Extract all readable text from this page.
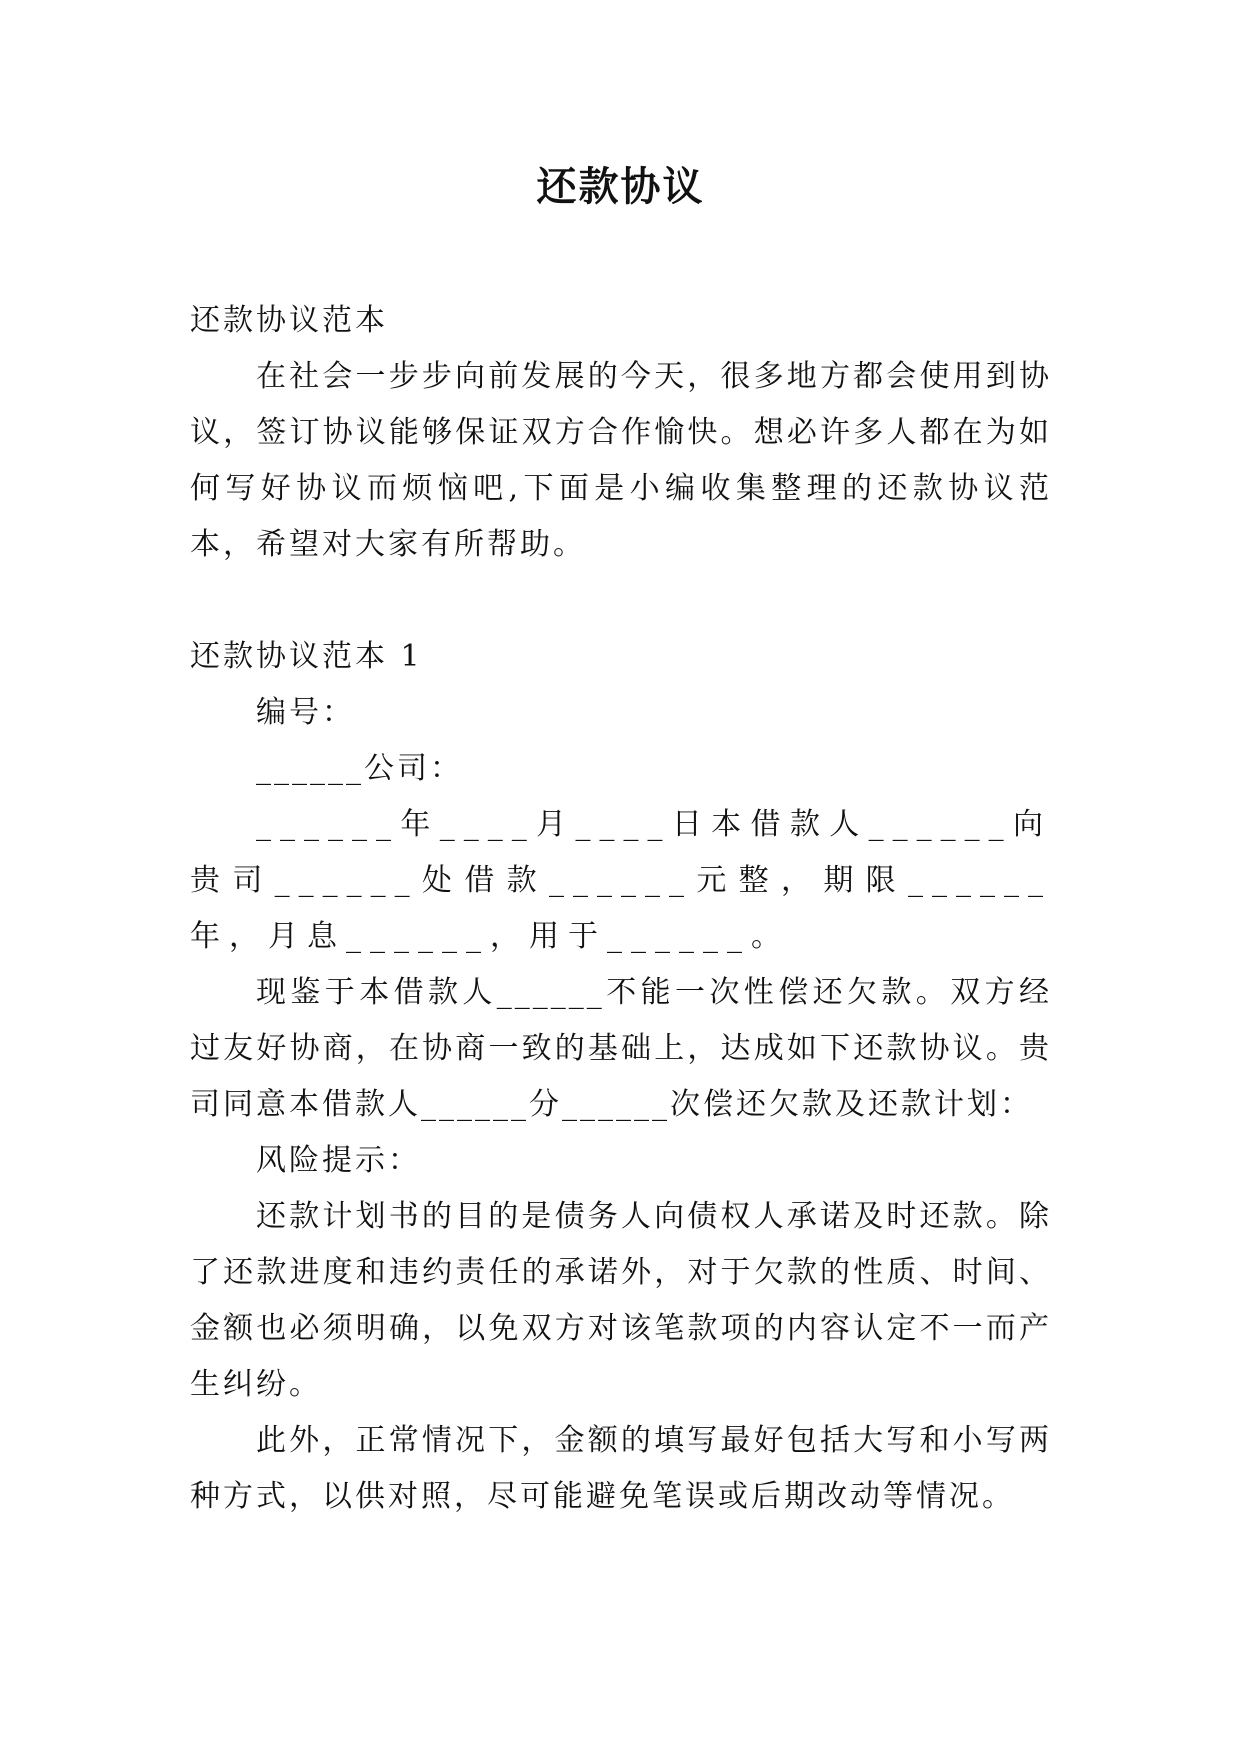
还款协议

还款协议范本

在社会一步步向前发展的今天，很多地方都会使用到协议，签订协议能够保证双方合作愉快。想必许多人都在为如何写好协议而烦恼吧,下面是小编收集整理的还款协议范本，希望对大家有所帮助。

还款协议范本 1

编号：

______公司：

______年____月____日本借款人______向贵司______处借款______元整，期限______年，月息______，用于______。

现鉴于本借款人______不能一次性偿还欠款。双方经过友好协商，在协商一致的基础上，达成如下还款协议。贵司同意本借款人______分______次偿还欠款及还款计划：

风险提示：

还款计划书的目的是债务人向债权人承诺及时还款。除了还款进度和违约责任的承诺外，对于欠款的性质、时间、金额也必须明确，以免双方对该笔款项的内容认定不一而产生纠纷。

此外，正常情况下，金额的填写最好包括大写和小写两种方式，以供对照，尽可能避免笔误或后期改动等情况。
